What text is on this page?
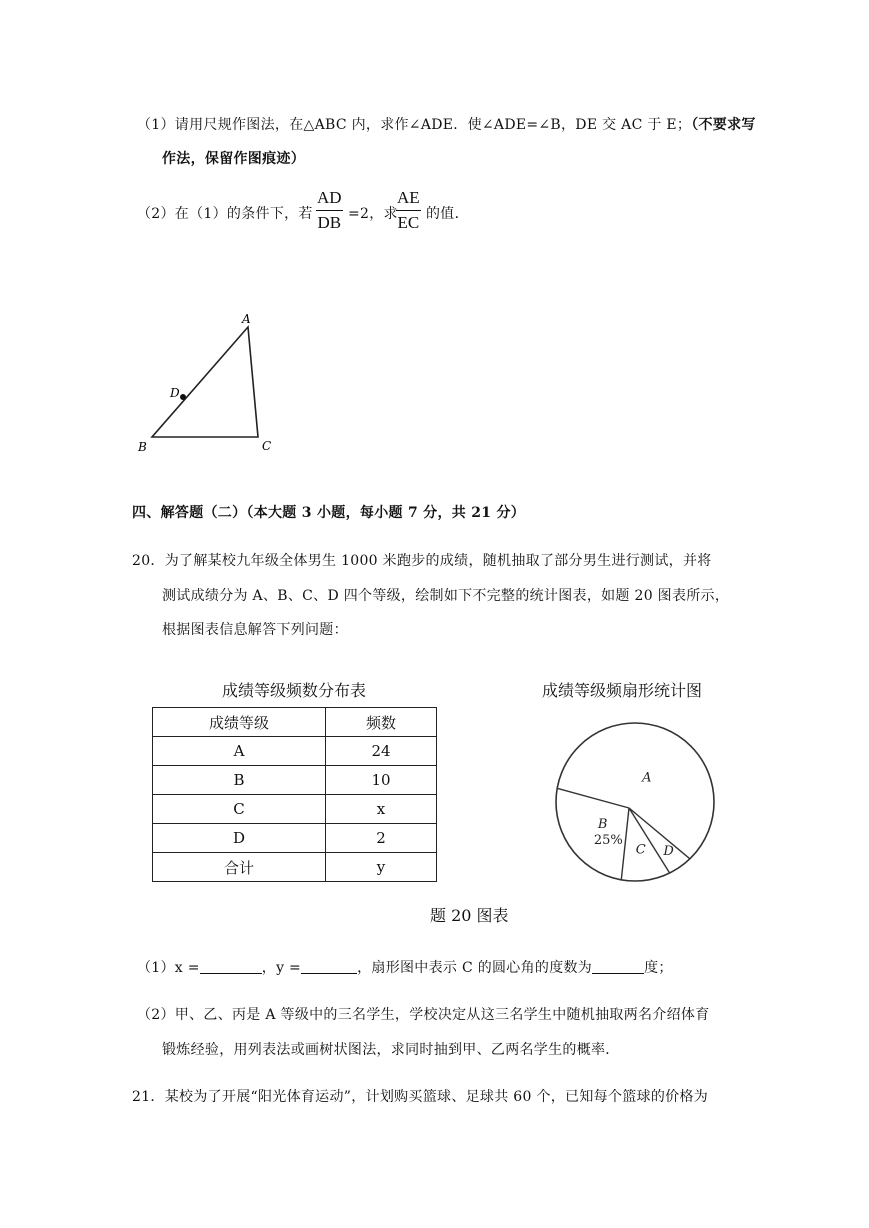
（1）请用尺规作图法，在△ABC 内，求作∠ADE．使∠ADE=∠B，DE 交 AC 于 E；（不要求写
作法，保留作图痕迹）
（2）在（1）的条件下，若 $\frac{AD}{DB} =2$，求
$\frac{AE}{EC}$ 的值．
A
B	C
D
四、解答题（二）（本大题 3 小题，每小题 7 分，共 21 分）
20．为了解某校九年级全体男生 1000 米跑步的成绩，随机抽取了部分男生进行测试，并将
测试成绩分为 A、B、C、D 四个等级，绘制如下不完整的统计图表，如题 20 图表所示，
根据图表信息解答下列问题：
成绩等级频数分布表
成绩等级	频数
A	24
B	10
C	x
D	2
合计	y
成绩等级频扇形统计图
A
D
C
B
25%
题 20 图表
（1）x =	，y =	，扇形图中表示 C 的圆心角的度数为	度；
（2）甲、乙、丙是 A 等级中的三名学生，学校决定从这三名学生中随机抽取两名介绍体育
锻炼经验，用列表法或画树状图法，求同时抽到甲、乙两名学生的概率．
21．某校为了开展“阳光体育运动”，计划购买篮球、足球共 60 个，已知每个篮球的价格为
